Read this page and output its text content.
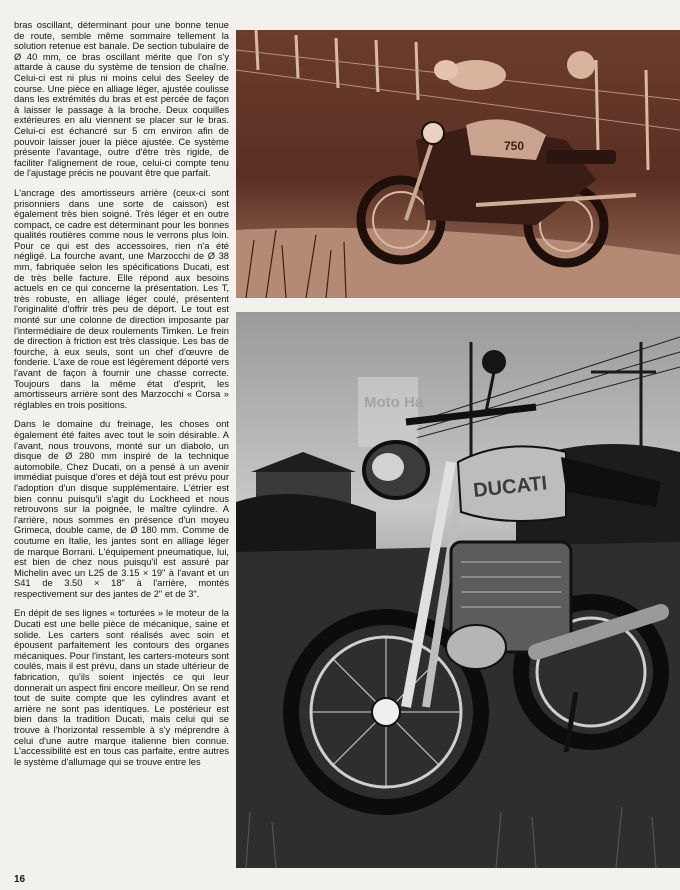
bras oscillant, déterminant pour une bonne tenue de route, semble même sommaire tellement la solution retenue est banale. De section tubulaire de Ø 40 mm, ce bras oscillant mérite que l'on s'y attarde à cause du système de tension de chaîne. Celui-ci est ni plus ni moins celui des Seeley de course. Une pièce en alliage léger, ajustée coulisse dans les extrémités du bras et est percée de façon à laisser le passage à la broche. Deux coquilles extérieures en alu viennent se placer sur le bras. Celui-ci est échancré sur 5 cm environ afin de pouvoir laisser jouer la pièce ajustée. Ce système présente l'avantage, outre d'être très rigide, de faciliter l'alignement de roue, celui-ci compte tenu de l'ajustage précis ne pouvant être que parfait.

L'ancrage des amortisseurs arrière (ceux-ci sont prisonniers dans une sorte de caisson) est également très bien soigné. Très léger et en outre compact, ce cadre est déterminant pour les bonnes qualités routières comme nous le verrons plus loin. Pour ce qui est des accessoires, rien n'a été négligé. La fourche avant, une Marzocchi de Ø 38 mm, fabriquée selon les spécifications Ducati, est de très belle facture. Elle répond aux besoins actuels en ce qui concerne la présentation. Les T, très robuste, en alliage léger coulé, présentent l'originalité d'offrir très peu de déport. Le tout est monté sur une colonne de direction imposante par l'intermédiaire de deux roulements Timken. Le frein de direction à friction est très classique. Les bas de fourche, à eux seuls, sont un chef d'œuvre de fonderie. L'axe de roue est légèrement déporté vers l'avant de façon à fournir une chasse correcte. Toujours dans la même état d'esprit, les amortisseurs arrière sont des Marzocchi « Corsa » réglables en trois positions.

Dans le domaine du freinage, les choses ont également été faites avec tout le soin désirable. A l'avant, nous trouvons, monté sur un diabolo, un disque de Ø 280 mm inspiré de la technique automobile. Chez Ducati, on a pensé à un avenir immédiat puisque d'ores et déjà tout est prévu pour l'adoption d'un disque supplémentaire. L'étrier est bien connu puisqu'il s'agit du Lockheed et nous retrouvons sur la poignée, le maître cylindre. A l'arrière, nous sommes en présence d'un moyeu Grimeca, double came, de Ø 180 mm. Comme de coutume en Italie, les jantes sont en alliage léger de marque Borrani. L'équipement pneumatique, lui, est bien de chez nous puisqu'il est assuré par Michelin avec un L25 de 3.15 × 19" à l'avant et un S41 de 3.50 × 18" à l'arrière, montés respectivement sur des jantes de 2" et de 3".

En dépit de ses lignes « torturées » le moteur de la Ducati est une belle pièce de mécanique, saine et solide. Les carters sont réalisés avec soin et épousent parfaitement les contours des organes mécaniques. Pour l'instant, les carters-moteurs sont coulés, mais il est prévu, dans un stade ultérieur de fabrication, qu'ils soient injectés ce qui leur donnerait un aspect fini encore meilleur. On se rend tout de suite compte que les cylindres avant et arrière ne sont pas identiques. Le postérieur est bien dans la tradition Ducati, mais celui qui se trouve à l'horizontal ressemble à s'y méprendre à celui d'une autre marque italienne bien connue. L'accessibilité est en tous cas parfaite, entre autres le système d'allumage qui se trouve entre les

750
Moto Ha
DUCATI
16
